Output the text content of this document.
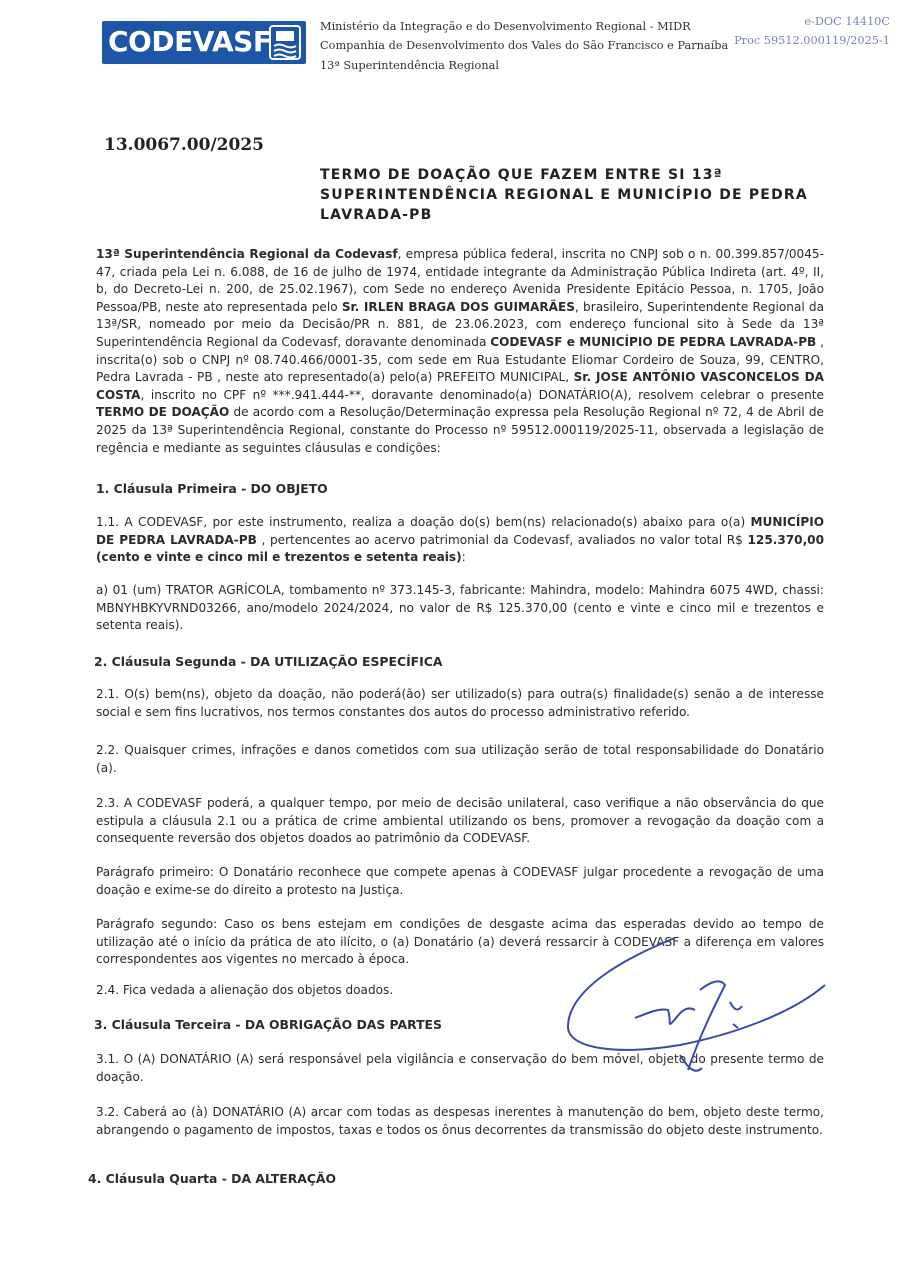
CODEVASF	Ministério da Integração e do Desenvolvimento Regional - MIDR
Companhia de Desenvolvimento dos Vales do São Francisco e Parnaíba
13ª Superintendência Regional
e-DOC 14410C
Proc 59512.000119/2025-1
13.0067.00/2025
TERMO DE DOAÇÃO QUE FAZEM ENTRE SI 13ª
SUPERINTENDÊNCIA REGIONAL E MUNICÍPIO DE PEDRA
LAVRADA-PB

13ª Superintendência Regional da Codevasf, empresa pública federal, inscrita no CNPJ sob o n. 00.399.857/0045-47, criada pela Lei n. 6.088, de 16 de julho de 1974, entidade integrante da Administração Pública Indireta (art. 4º, II, b, do Decreto-Lei n. 200, de 25.02.1967), com Sede no endereço Avenida Presidente Epitácio Pessoa, n. 1705, João Pessoa/PB, neste ato representada pelo Sr. IRLEN BRAGA DOS GUIMARÃES, brasileiro, Superintendente Regional da 13ª/SR, nomeado por meio da Decisão/PR n. 881, de 23.06.2023, com endereço funcional sito à Sede da 13ª Superintendência Regional da Codevasf, doravante denominada CODEVASF e MUNICÍPIO DE PEDRA LAVRADA-PB , inscrita(o) sob o CNPJ nº 08.740.466/0001-35, com sede em Rua Estudante Eliomar Cordeiro de Souza, 99, CENTRO, Pedra Lavrada - PB , neste ato representado(a) pelo(a) PREFEITO MUNICIPAL, Sr. JOSE ANTÔNIO VASCONCELOS DA COSTA, inscrito no CPF nº ***.941.444-**, doravante denominado(a) DONATÁRIO(A), resolvem celebrar o presente TERMO DE DOAÇÃO de acordo com a Resolução/Determinação expressa pela Resolução Regional nº 72, 4 de Abril de 2025 da 13ª Superintendência Regional, constante do Processo nº 59512.000119/2025-11, observada a legislação de regência e mediante as seguintes cláusulas e condições:

1. Cláusula Primeira - DO OBJETO

1.1. A CODEVASF, por este instrumento, realiza a doação do(s) bem(ns) relacionado(s) abaixo para o(a) MUNICÍPIO DE PEDRA LAVRADA-PB , pertencentes ao acervo patrimonial da Codevasf, avaliados no valor total R$ 125.370,00 (cento e vinte e cinco mil e trezentos e setenta reais):

a) 01 (um) TRATOR AGRÍCOLA, tombamento nº 373.145-3, fabricante: Mahindra, modelo: Mahindra 6075 4WD, chassi: MBNYHBKYVRND03266, ano/modelo 2024/2024, no valor de R$ 125.370,00 (cento e vinte e cinco mil e trezentos e setenta reais).

2. Cláusula Segunda - DA UTILIZAÇÃO ESPECÍFICA

2.1. O(s) bem(ns), objeto da doação, não poderá(ão) ser utilizado(s) para outra(s) finalidade(s) senão a de interesse social e sem fins lucrativos, nos termos constantes dos autos do processo administrativo referido.

2.2. Quaisquer crimes, infrações e danos cometidos com sua utilização serão de total responsabilidade do Donatário (a).

2.3. A CODEVASF poderá, a qualquer tempo, por meio de decisão unilateral, caso verifique a não observância do que estipula a cláusula 2.1 ou a prática de crime ambiental utilizando os bens, promover a revogação da doação com a consequente reversão dos objetos doados ao patrimônio da CODEVASF.

Parágrafo primeiro: O Donatário reconhece que compete apenas à CODEVASF julgar procedente a revogação de uma doação e exime-se do direito a protesto na Justiça.

Parágrafo segundo: Caso os bens estejam em condições de desgaste acima das esperadas devido ao tempo de utilização até o início da prática de ato ilícito, o (a) Donatário (a) deverá ressarcir à CODEVASF a diferença em valores correspondentes aos vigentes no mercado à época.

2.4. Fica vedada a alienação dos objetos doados.

3. Cláusula Terceira - DA OBRIGAÇÃO DAS PARTES

3.1. O (A) DONATÁRIO (A) será responsável pela vigilância e conservação do bem móvel, objeto do presente termo de doação.

3.2. Caberá ao (à) DONATÁRIO (A) arcar com todas as despesas inerentes à manutenção do bem, objeto deste termo, abrangendo o pagamento de impostos, taxas e todos os ônus decorrentes da transmissão do objeto deste instrumento.

4. Cláusula Quarta - DA ALTERAÇÃO
